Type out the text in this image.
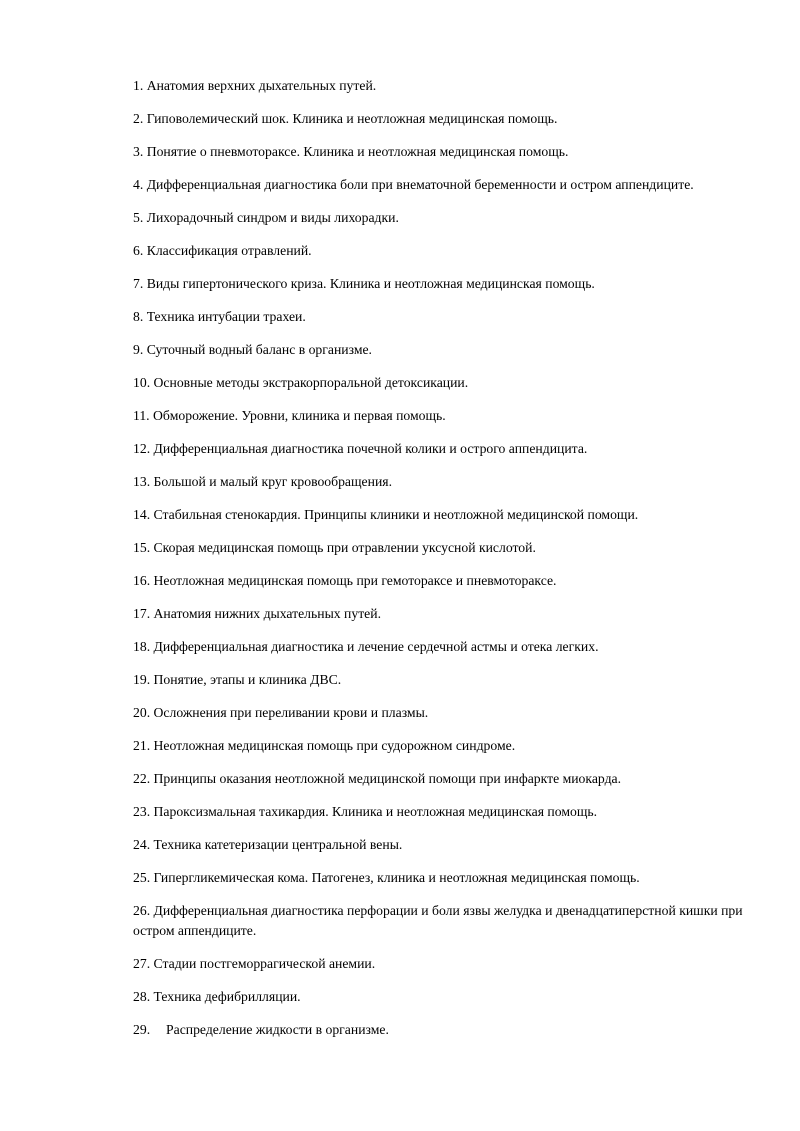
1. Анатомия верхних дыхательных путей.
2. Гиповолемический шок. Клиника и неотложная медицинская помощь.
3. Понятие о пневмотораксе. Клиника и неотложная медицинская помощь.
4. Дифференциальная диагностика боли при внематочной беременности и остром аппендиците.
5. Лихорадочный синдром и виды лихорадки.
6. Классификация отравлений.
7. Виды гипертонического криза. Клиника и неотложная медицинская помощь.
8. Техника интубации трахеи.
9. Суточный водный баланс в организме.
10. Основные методы экстракорпоральной детоксикации.
11. Обморожение. Уровни, клиника и первая помощь.
12. Дифференциальная диагностика почечной колики и острого аппендицита.
13. Большой и малый круг кровообращения.
14. Стабильная стенокардия. Принципы клиники и неотложной медицинской помощи.
15. Скорая медицинская помощь при отравлении уксусной кислотой.
16. Неотложная медицинская помощь при гемотораксе и пневмотораксе.
17. Анатомия нижних дыхательных путей.
18. Дифференциальная диагностика и лечение сердечной астмы и отека легких.
19. Понятие, этапы и клиника ДВС.
20. Осложнения при переливании крови и плазмы.
21. Неотложная медицинская помощь при судорожном синдроме.
22. Принципы оказания неотложной медицинской помощи при инфаркте миокарда.
23. Пароксизмальная тахикардия. Клиника и неотложная медицинская помощь.
24. Техника катетеризации центральной вены.
25. Гипергликемическая кома. Патогенез, клиника и неотложная медицинская помощь.
26. Дифференциальная диагностика перфорации и боли язвы желудка и двенадцатиперстной кишки при остром аппендиците.
27. Стадии постгеморрагической анемии.
28. Техника дефибрилляции.
29. Распределение жидкости в организме.
